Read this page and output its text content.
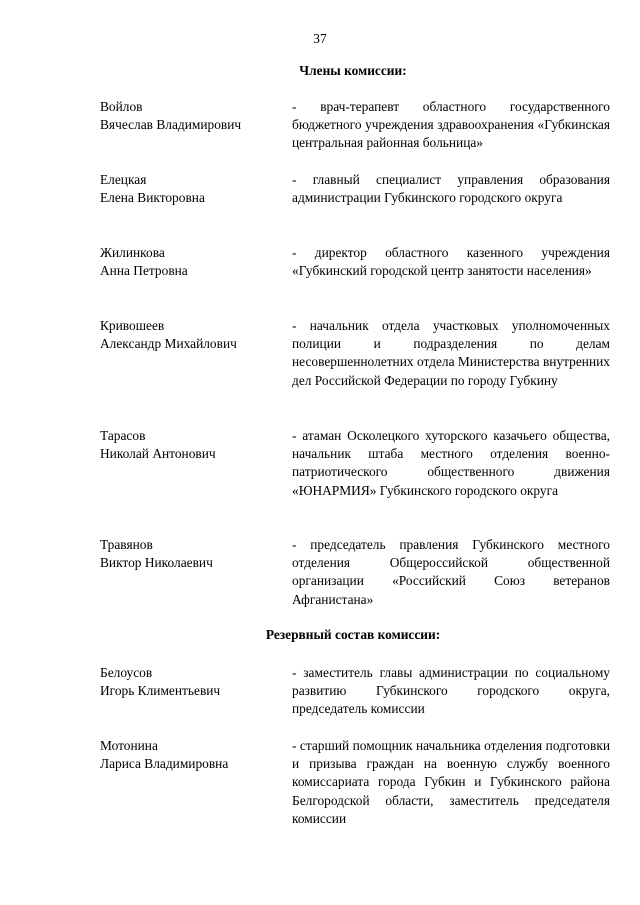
37
Члены комиссии:
Войлов
Вячеслав Владимирович
- врач-терапевт областного государственного бюджетного учреждения здравоохранения «Губкинская центральная районная больница»
Елецкая
Елена Викторовна
- главный специалист управления образования администрации Губкинского городского округа
Жилинкова
Анна Петровна
- директор областного казенного учреждения «Губкинский городской центр занятости населения»
Кривошеев
Александр Михайлович
- начальник отдела участковых уполномоченных полиции и подразделения по делам несовершеннолетних отдела Министерства внутренних дел Российской Федерации по городу Губкину
Тарасов
Николай Антонович
- атаман Осколецкого хуторского казачьего общества, начальник штаба местного отделения военно-патриотического общественного движения «ЮНАРМИЯ» Губкинского городского округа
Травянов
Виктор Николаевич
- председатель правления Губкинского местного отделения Общероссийской общественной организации «Российский Союз ветеранов Афганистана»
Резервный состав комиссии:
Белоусов
Игорь Климентьевич
- заместитель главы администрации по социальному развитию Губкинского городского округа, председатель комиссии
Мотонина
Лариса Владимировна
- старший помощник начальника отделения подготовки и призыва граждан на военную службу военного комиссариата города Губкин и Губкинского района Белгородской области, заместитель председателя комиссии
